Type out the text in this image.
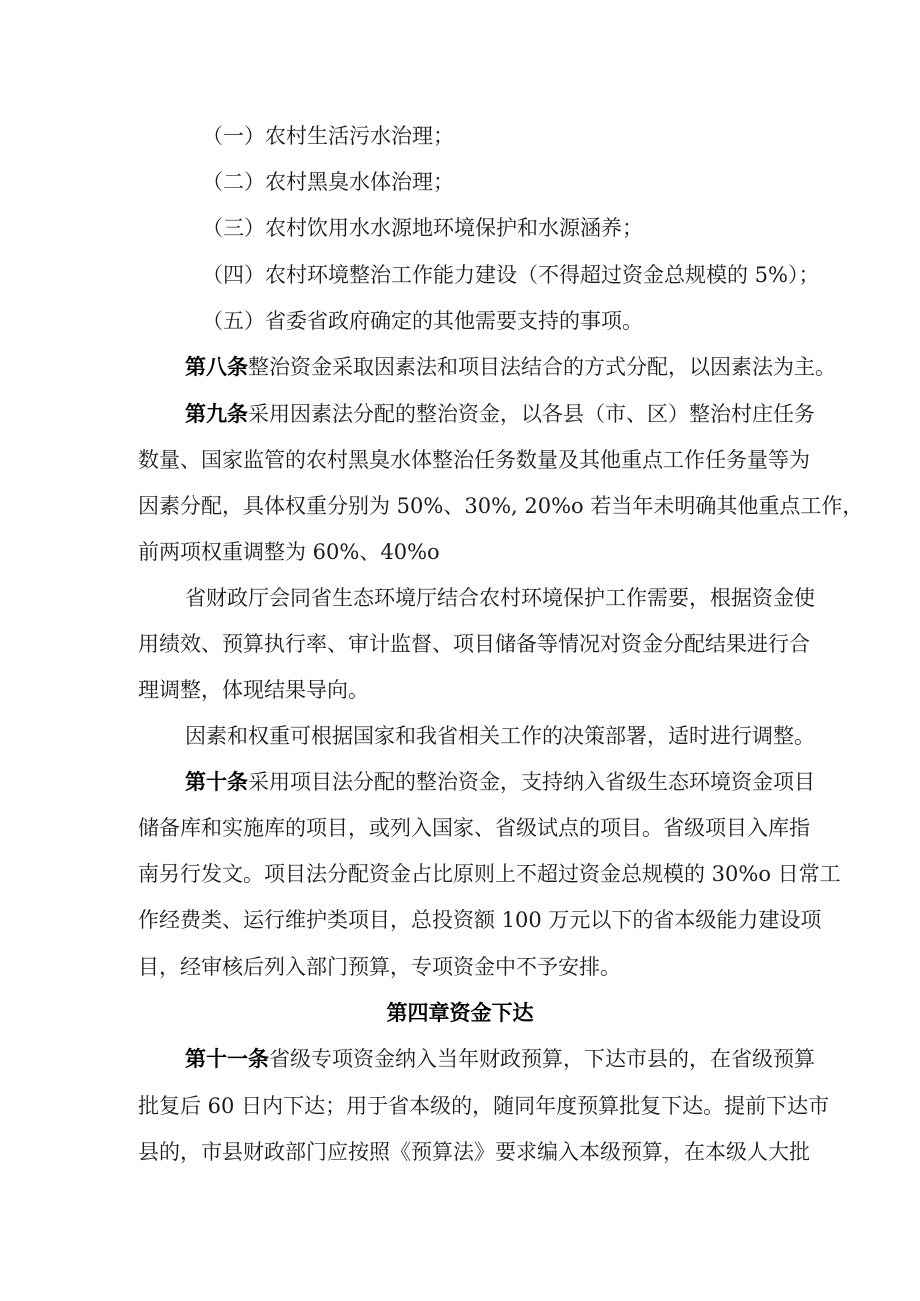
（一）农村生活污水治理；
（二）农村黑臭水体治理；
（三）农村饮用水水源地环境保护和水源涵养；
（四）农村环境整治工作能力建设（不得超过资金总规模的 5%）；
（五）省委省政府确定的其他需要支持的事项。
第八条整治资金采取因素法和项目法结合的方式分配，以因素法为主。
第九条采用因素法分配的整治资金，以各县（市、区）整治村庄任务
数量、国家监管的农村黑臭水体整治任务数量及其他重点工作任务量等为
因素分配，具体权重分别为 50%、30%, 20%o 若当年未明确其他重点工作，
前两项权重调整为 60%、40%o
省财政厅会同省生态环境厅结合农村环境保护工作需要，根据资金使
用绩效、预算执行率、审计监督、项目储备等情况对资金分配结果进行合
理调整，体现结果导向。
因素和权重可根据国家和我省相关工作的决策部署，适时进行调整。
第十条采用项目法分配的整治资金，支持纳入省级生态环境资金项目
储备库和实施库的项目，或列入国家、省级试点的项目。省级项目入库指
南另行发文。项目法分配资金占比原则上不超过资金总规模的 30%o 日常工
作经费类、运行维护类项目，总投资额 100 万元以下的省本级能力建设项
目，经审核后列入部门预算，专项资金中不予安排。
第四章资金下达
第十一条省级专项资金纳入当年财政预算，下达市县的，在省级预算
批复后 60 日内下达；用于省本级的，随同年度预算批复下达。提前下达市
县的，市县财政部门应按照《预算法》要求编入本级预算，在本级人大批
